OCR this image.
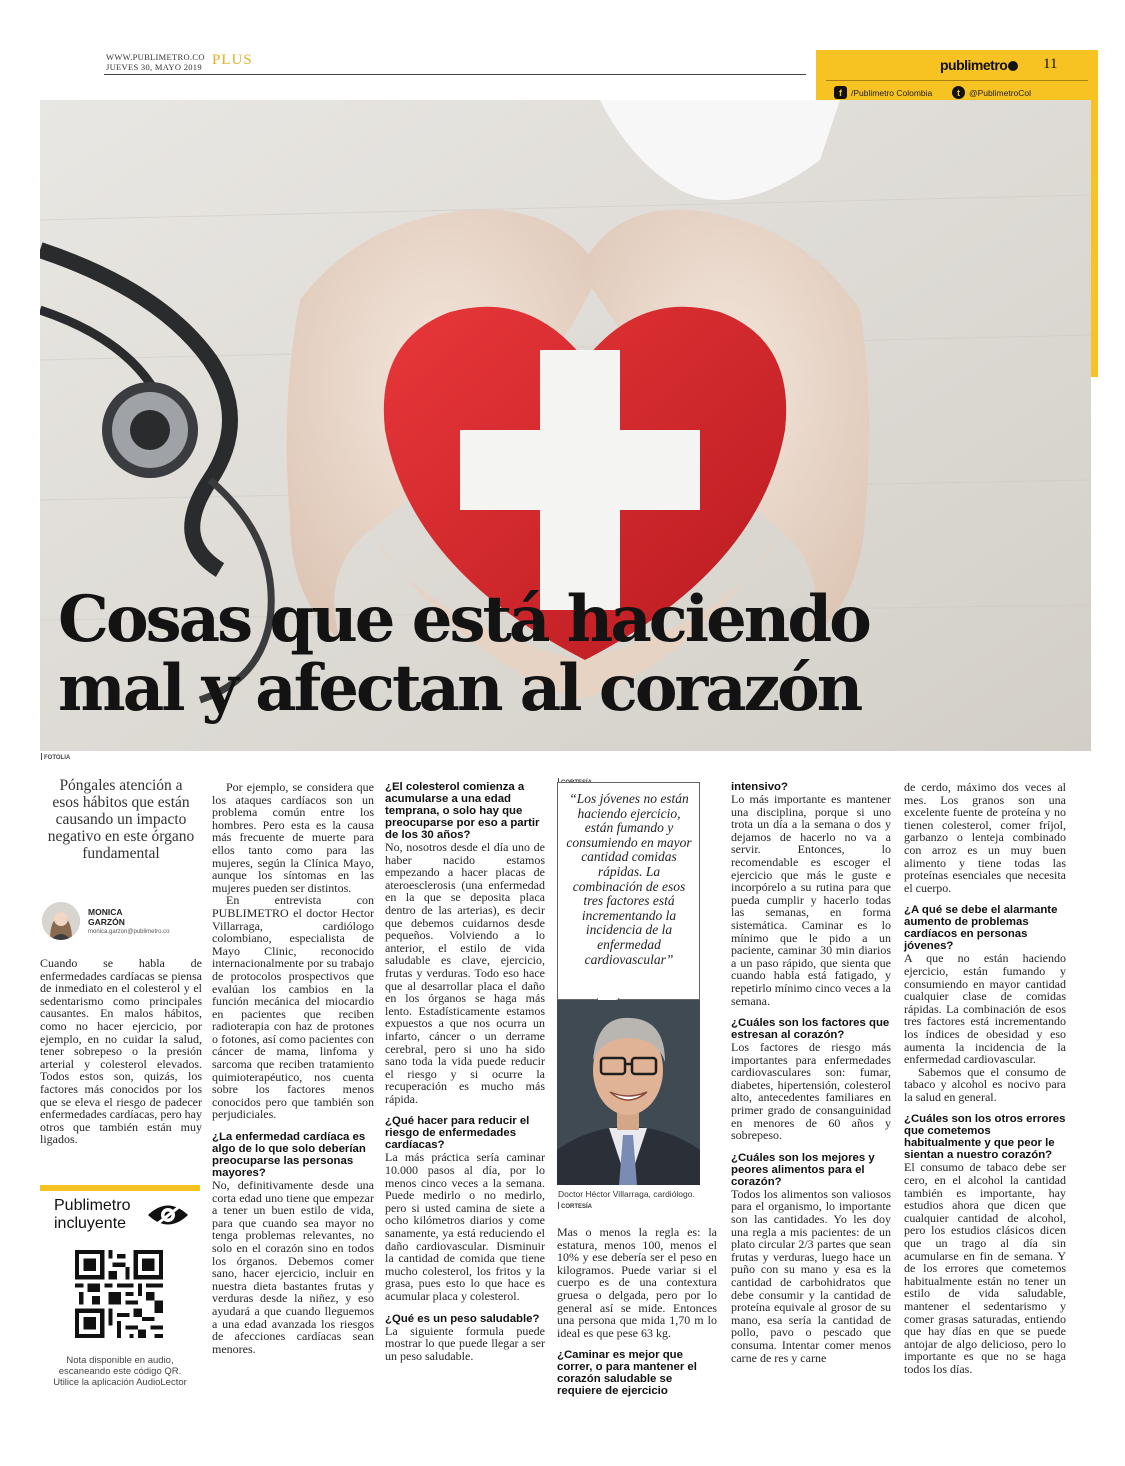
WWW.PUBLIMETRO.CO
JUEVES 30, MAYO 2019 PLUS	publimetro	11
f	/Publimetro Colombia	t	@PublimetroCol
Cosas que está haciendo
mal y afectan al corazón
FOTOLIA
Póngales atención a esos hábitos que están causando un impacto negativo en este órgano fundamental
MONICA
GARZÓN
monica.garzon@publimetro.co

Cuando se habla de enfermedades cardíacas se piensa de inmediato en el colesterol y el sedentarismo como principales causantes. En malos hábitos, como no hacer ejercicio, por ejemplo, en no cuidar la salud, tener sobrepeso o la presión arterial y colesterol elevados. Todos estos son, quizás, los factores más conocidos por los que se eleva el riesgo de padecer enfermedades cardíacas, pero hay otros que también están muy ligados.

Publimetro
incluyente
Nota disponible en audio, escaneando este código QR. Utilice la aplicación AudioLector

Por ejemplo, se considera que los ataques cardíacos son un problema común entre los hombres. Pero esta es la causa más frecuente de muerte para ellos tanto como para las mujeres, según la Clínica Mayo, aunque los síntomas en las mujeres pueden ser distintos.

En entrevista con PUBLIMETRO el doctor Hector Villarraga, cardiólogo colombiano, especialista de Mayo Clinic, reconocido internacionalmente por su trabajo de protocolos prospectivos que evalúan los cambios en la función mecánica del miocardio en pacientes que reciben radioterapia con haz de protones o fotones, así como pacientes con cáncer de mama, linfoma y sarcoma que reciben tratamiento quimioterapéutico, nos cuenta sobre los factores menos conocidos pero que también son perjudiciales.

¿La enfermedad cardíaca es algo de lo que solo deberían preocuparse las personas mayores?

No, definitivamente desde una corta edad uno tiene que empezar a tener un buen estilo de vida, para que cuando sea mayor no tenga problemas relevantes, no solo en el corazón sino en todos los órganos. Debemos comer sano, hacer ejercicio, incluir en nuestra dieta bastantes frutas y verduras desde la niñez, y eso ayudará a que cuando lleguemos a una edad avanzada los riesgos de afecciones cardíacas sean menores.

¿El colesterol comienza a acumularse a una edad temprana, o solo hay que preocuparse por eso a partir de los 30 años?

No, nosotros desde el día uno de haber nacido estamos empezando a hacer placas de ateroesclerosis (una enfermedad en la que se deposita placa dentro de las arterias), es decir que debemos cuidarnos desde pequeños. Volviendo a lo anterior, el estilo de vida saludable es clave, ejercicio, frutas y verduras. Todo eso hace que al desarrollar placa el daño en los órganos se haga más lento. Estadísticamente estamos expuestos a que nos ocurra un infarto, cáncer o un derrame cerebral, pero si uno ha sido sano toda la vida puede reducir el riesgo y si ocurre la recuperación es mucho más rápida.

¿Qué hacer para reducir el riesgo de enfermedades cardíacas?

La más práctica sería caminar 10.000 pasos al día, por lo menos cinco veces a la semana. Puede medirlo o no medirlo, pero si usted camina de siete a ocho kilómetros diarios y come sanamente, ya está reduciendo el daño cardiovascular. Disminuir la cantidad de comida que tiene mucho colesterol, los fritos y la grasa, pues esto lo que hace es acumular placa y colesterol.

¿Qué es un peso saludable?

La siguiente formula puede mostrar lo que puede llegar a ser un peso saludable.

“Los jóvenes no están haciendo ejercicio, están fumando y consumiendo en mayor cantidad comidas rápidas. La combinación de esos tres factores está incrementando la incidencia de la enfermedad cardiovascular”
Doctor Héctor Villarraga, cardiólogo.
CORTESÍA

Mas o menos la regla es: la estatura, menos 100, menos el 10% y ese debería ser el peso en kilogramos. Puede variar si el cuerpo es de una contextura gruesa o delgada, pero por lo general así se mide. Entonces una persona que mida 1,70 m lo ideal es que pese 63 kg.

¿Caminar es mejor que correr, o para mantener el corazón saludable se requiere de ejercicio
intensivo?

Lo más importante es mantener una disciplina, porque si uno trota un día a la semana o dos y dejamos de hacerlo no va a servir. Entonces, lo recomendable es escoger el ejercicio que más le guste e incorpórelo a su rutina para que pueda cumplir y hacerlo todas las semanas, en forma sistemática. Caminar es lo mínimo que le pido a un paciente, caminar 30 min diarios a un paso rápido, que sienta que cuando habla está fatigado, y repetirlo mínimo cinco veces a la semana.

¿Cuáles son los factores que estresan al corazón?

Los factores de riesgo más importantes para enfermedades cardiovasculares son: fumar, diabetes, hipertensión, colesterol alto, antecedentes familiares en primer grado de consanguinidad en menores de 60 años y sobrepeso.

¿Cuáles son los mejores y peores alimentos para el corazón?

Todos los alimentos son valiosos para el organismo, lo importante son las cantidades. Yo les doy una regla a mis pacientes: de un plato circular 2/3 partes que sean frutas y verduras, luego hace un puño con su mano y esa es la cantidad de carbohidratos que debe consumir y la cantidad de proteína equivale al grosor de su mano, esa sería la cantidad de pollo, pavo o pescado que consuma. Intentar comer menos carne de res y carne

de cerdo, máximo dos veces al mes. Los granos son una excelente fuente de proteína y no tienen colesterol, comer fríjol, garbanzo o lenteja combinado con arroz es un muy buen alimento y tiene todas las proteínas esenciales que necesita el cuerpo.

¿A qué se debe el alarmante aumento de problemas cardíacos en personas jóvenes?

A que no están haciendo ejercicio, están fumando y consumiendo en mayor cantidad cualquier clase de comidas rápidas. La combinación de esos tres factores está incrementando los índices de obesidad y eso aumenta la incidencia de la enfermedad cardiovascular.

Sabemos que el consumo de tabaco y alcohol es nocivo para la salud en general.

¿Cuáles son los otros errores que cometemos habitualmente y que peor le sientan a nuestro corazón?

El consumo de tabaco debe ser cero, en el alcohol la cantidad también es importante, hay estudios ahora que dicen que cualquier cantidad de alcohol, pero los estudios clásicos dicen que un trago al día sin acumularse en fin de semana. Y de los errores que cometemos habitualmente están no tener un estilo de vida saludable, mantener el sedentarismo y comer grasas saturadas, entiendo que hay días en que se puede antojar de algo delicioso, pero lo importante es que no se haga todos los días.
